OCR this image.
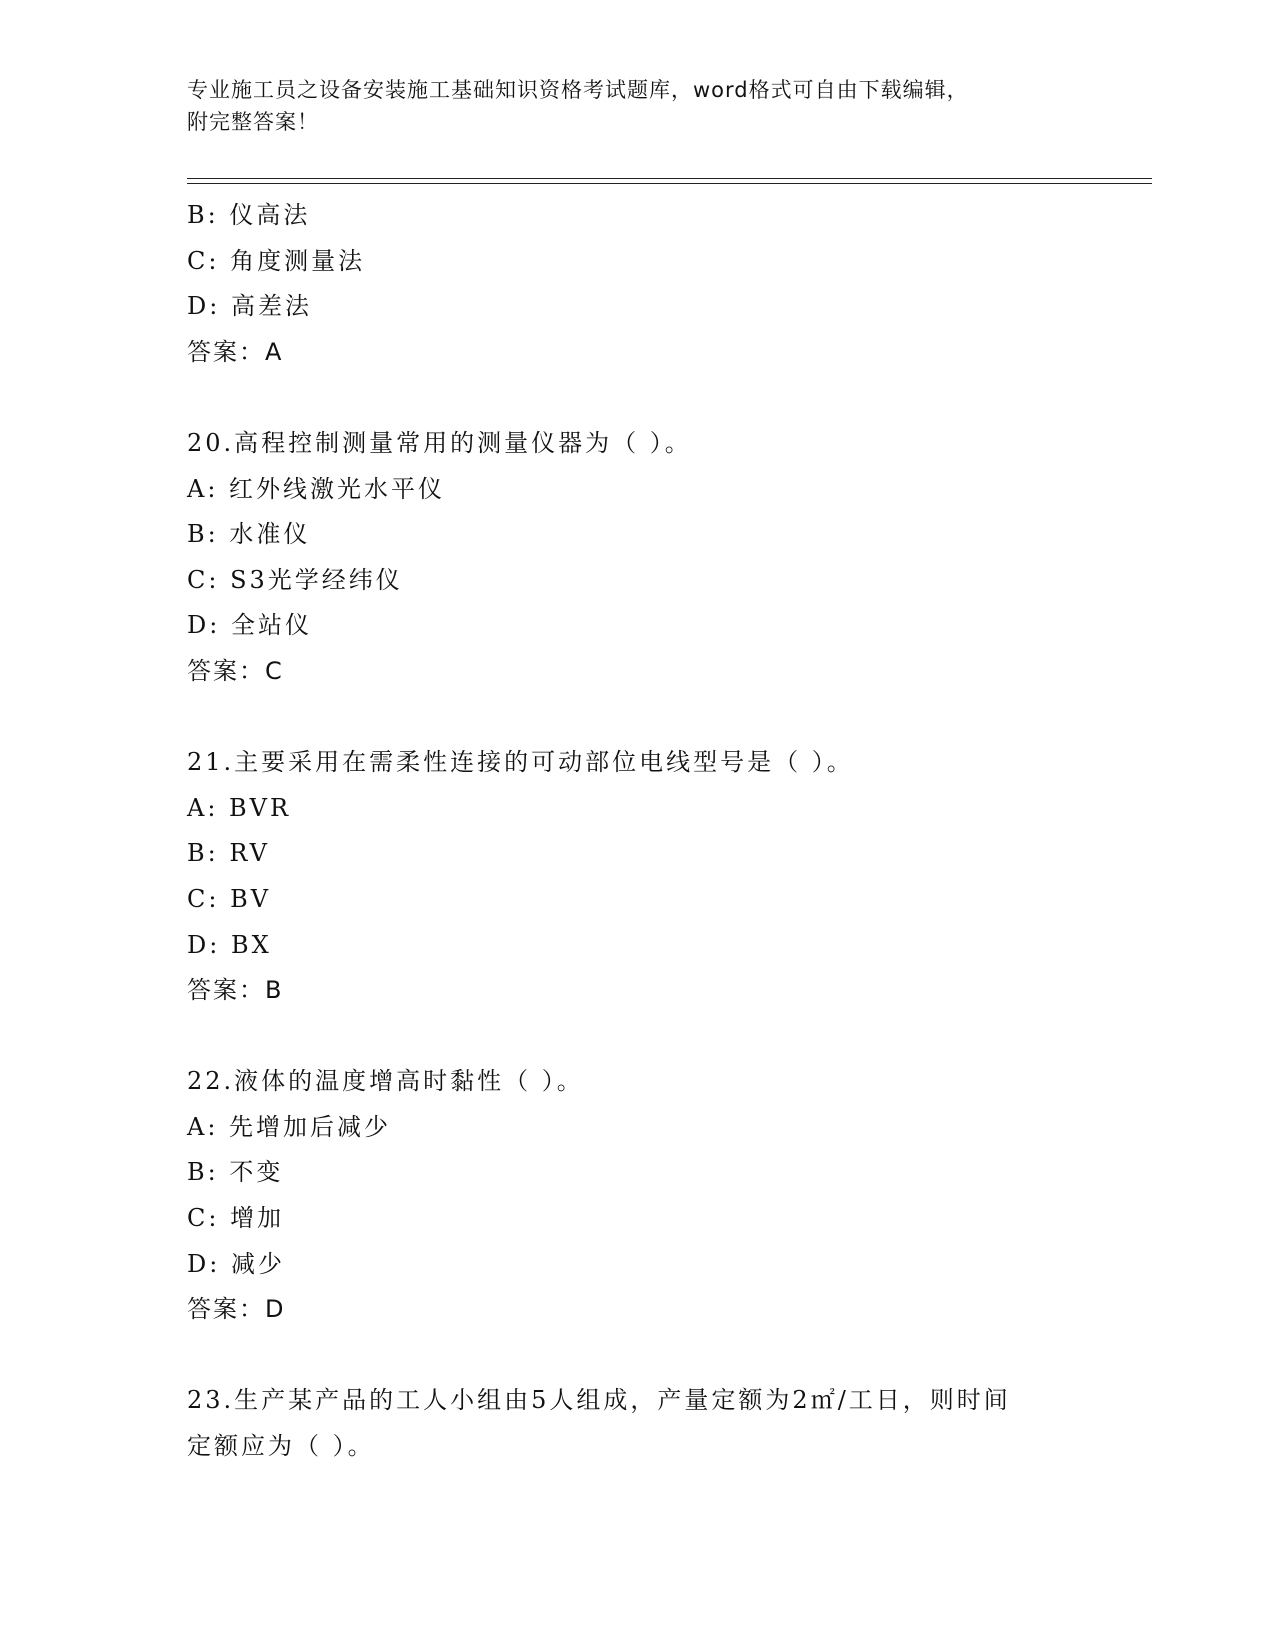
专业施工员之设备安装施工基础知识资格考试题库，word格式可自由下载编辑，
附完整答案！
B: 仪高法
C: 角度测量法
D: 高差法
答案：A
20.高程控制测量常用的测量仪器为（ ）。
A: 红外线激光水平仪
B: 水准仪
C: S3光学经纬仪
D: 全站仪
答案：C
21.主要采用在需柔性连接的可动部位电线型号是（ ）。
A: BVR
B: RV
C: BV
D: BX
答案：B
22.液体的温度增高时黏性（ ）。
A: 先增加后减少
B: 不变
C: 增加
D: 减少
答案：D
23.生产某产品的工人小组由5人组成，产量定额为2㎡/工日，则时间
定额应为（ ）。
